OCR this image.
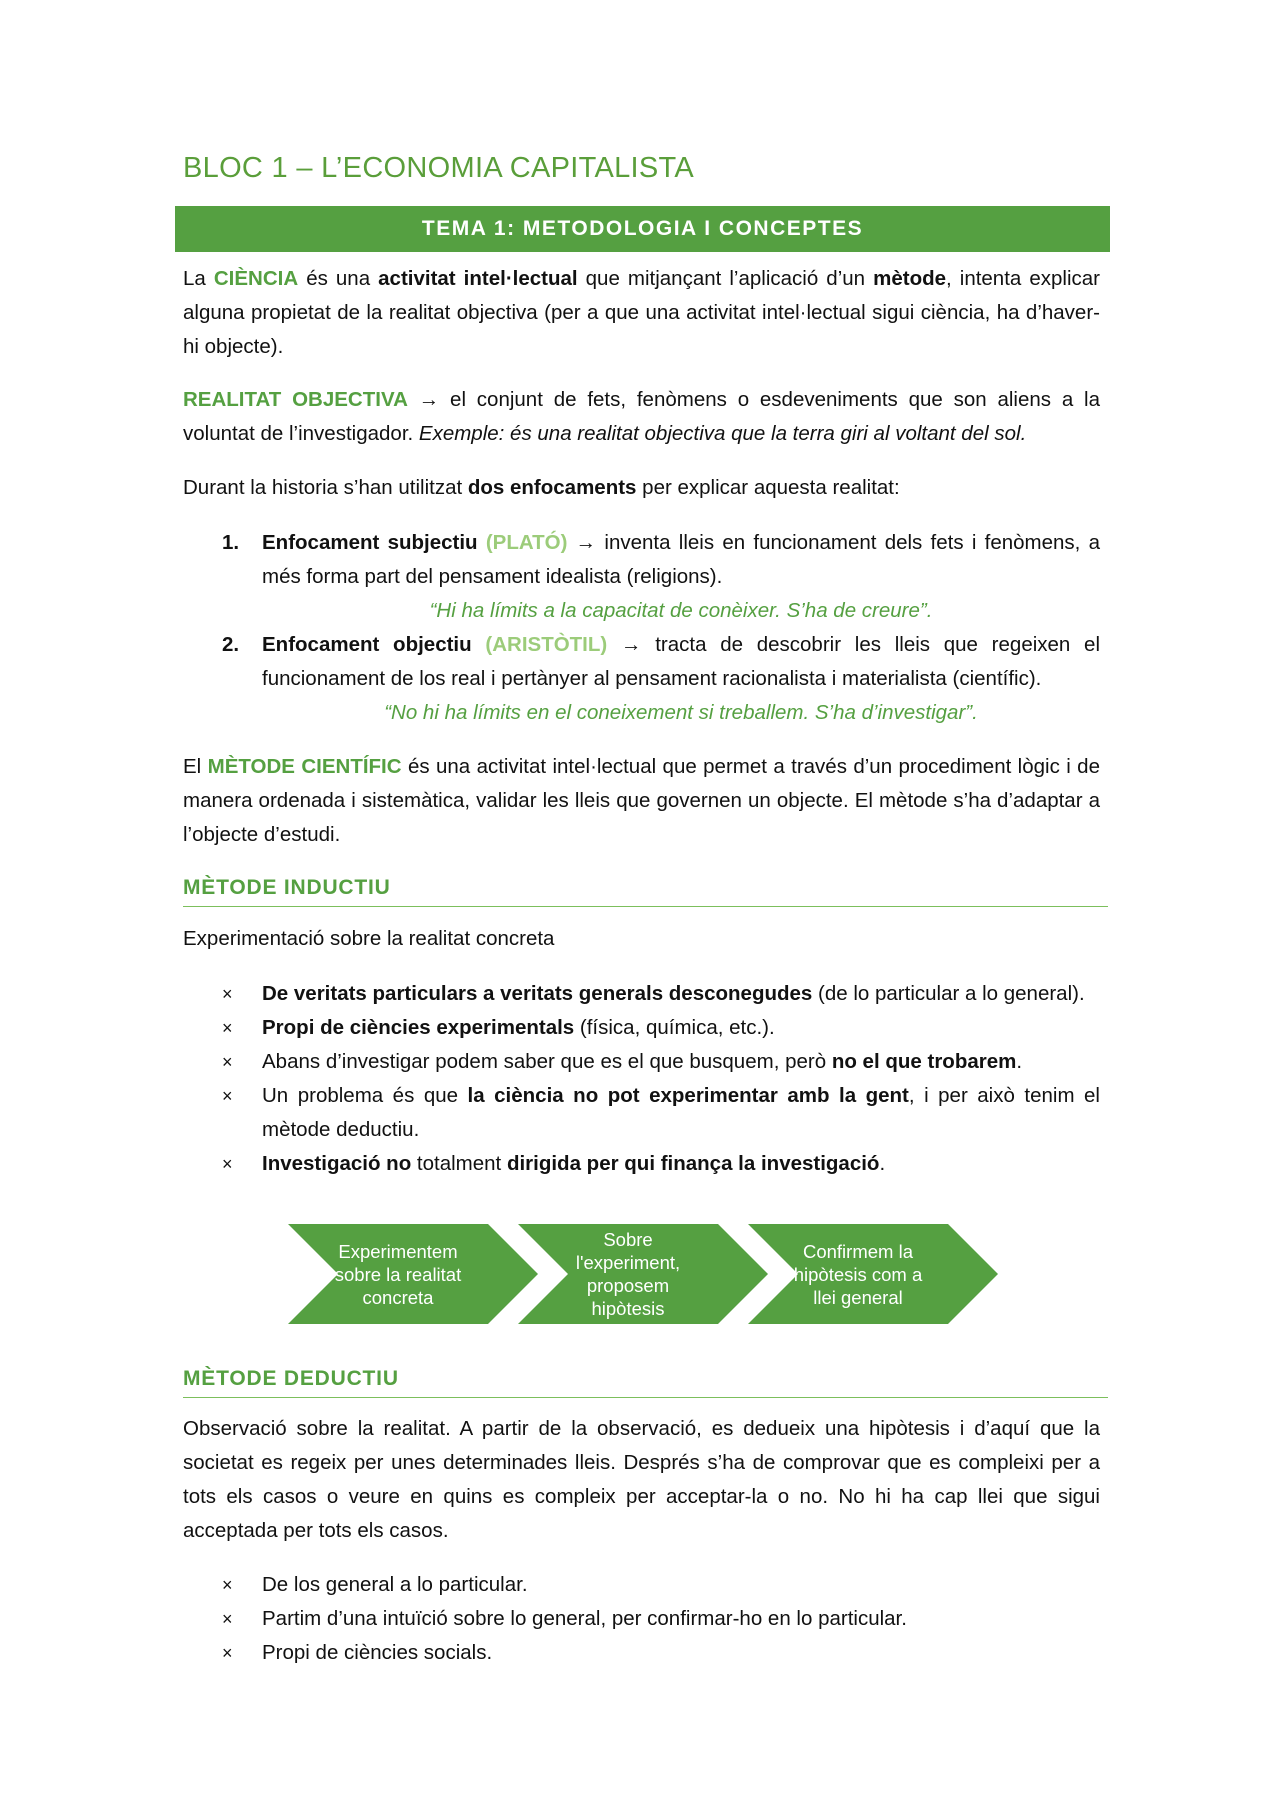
BLOC 1 – L’ECONOMIA CAPITALISTA
TEMA 1: METODOLOGIA I CONCEPTES
La CIÈNCIA és una activitat intel·lectual que mitjançant l’aplicació d’un mètode, intenta explicar alguna propietat de la realitat objectiva (per a que una activitat intel·lectual sigui ciència, ha d’haver-hi objecte).
REALITAT OBJECTIVA → el conjunt de fets, fenòmens o esdeveniments que son aliens a la voluntat de l’investigador. Exemple: és una realitat objectiva que la terra giri al voltant del sol.
Durant la historia s’han utilitzat dos enfocaments per explicar aquesta realitat:
1.	Enfocament subjectiu (PLATÓ) → inventa lleis en funcionament dels fets i fenòmens, a més forma part del pensament idealista (religions).
“Hi ha límits a la capacitat de conèixer. S’ha de creure”.
2.	Enfocament objectiu (ARISTÒTIL) → tracta de descobrir les lleis que regeixen el funcionament de los real i pertànyer al pensament racionalista i materialista (científic).
“No hi ha límits en el coneixement si treballem. S’ha d’investigar”.
El MÈTODE CIENTÍFIC és una activitat intel·lectual que permet a través d’un procediment lògic i de manera ordenada i sistemàtica, validar les lleis que governen un objecte. El mètode s’ha d’adaptar a l’objecte d’estudi.
MÈTODE INDUCTIU
Experimentació sobre la realitat concreta
×	De veritats particulars a veritats generals desconegudes (de lo particular a lo general).
×	Propi de ciències experimentals (física, química, etc.).
×	Abans d’investigar podem saber que es el que busquem, però no el que trobarem.
×	Un problema és que la ciència no pot experimentar amb la gent, i per això tenim el mètode deductiu.
×	Investigació no totalment dirigida per qui finança la investigació.
Experimentem
sobre la realitat
concreta
Sobre
l'experiment,
proposem
hipòtesis
Confirmem la
hipòtesis com a
llei general
MÈTODE DEDUCTIU
Observació sobre la realitat. A partir de la observació, es dedueix una hipòtesis i d’aquí que la societat es regeix per unes determinades lleis. Després s’ha de comprovar que es compleixi per a tots els casos o veure en quins es compleix per acceptar-la o no. No hi ha cap llei que sigui acceptada per tots els casos.
×	De los general a lo particular.
×	Partim d’una intuïció sobre lo general, per confirmar-ho en lo particular.
×	Propi de ciències socials.
